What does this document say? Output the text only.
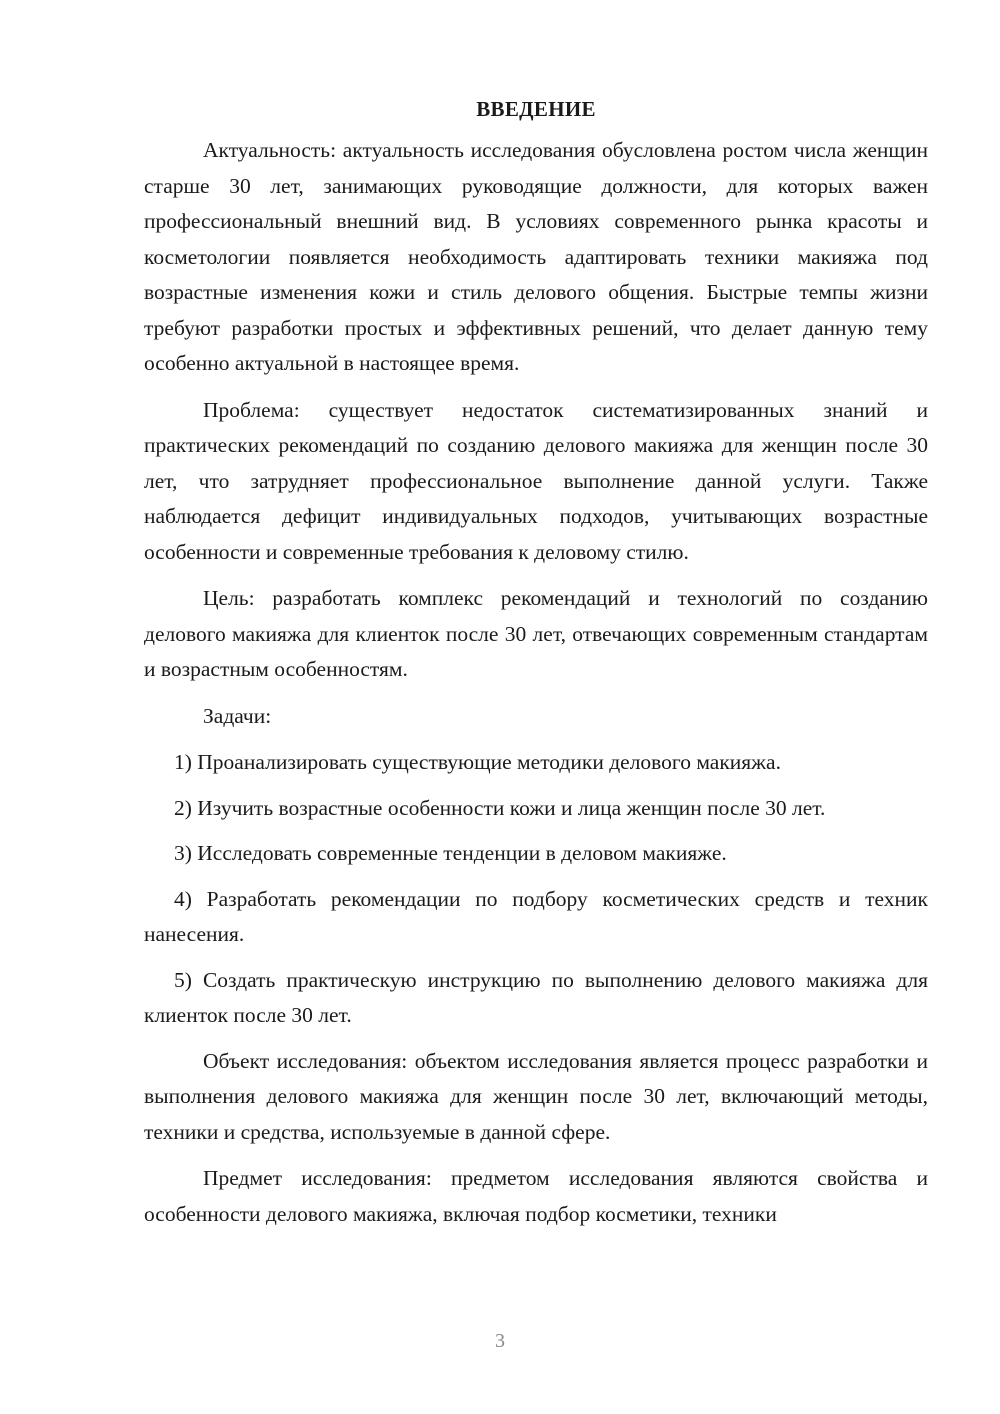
ВВЕДЕНИЕ

Актуальность: актуальность исследования обусловлена ростом числа женщин старше 30 лет, занимающих руководящие должности, для которых важен профессиональный внешний вид. В условиях современного рынка красоты и косметологии появляется необходимость адаптировать техники макияжа под возрастные изменения кожи и стиль делового общения. Быстрые темпы жизни требуют разработки простых и эффективных решений, что делает данную тему особенно актуальной в настоящее время.

Проблема: существует недостаток систематизированных знаний и практических рекомендаций по созданию делового макияжа для женщин после 30 лет, что затрудняет профессиональное выполнение данной услуги. Также наблюдается дефицит индивидуальных подходов, учитывающих возрастные особенности и современные требования к деловому стилю.

Цель: разработать комплекс рекомендаций и технологий по созданию делового макияжа для клиенток после 30 лет, отвечающих современным стандартам и возрастным особенностям.

Задачи:

1) Проанализировать существующие методики делового макияжа.

2) Изучить возрастные особенности кожи и лица женщин после 30 лет.

3) Исследовать современные тенденции в деловом макияже.

4) Разработать рекомендации по подбору косметических средств и техник нанесения.

5) Создать практическую инструкцию по выполнению делового макияжа для клиенток после 30 лет.

Объект исследования: объектом исследования является процесс разработки и выполнения делового макияжа для женщин после 30 лет, включающий методы, техники и средства, используемые в данной сфере.

Предмет исследования: предметом исследования являются свойства и особенности делового макияжа, включая подбор косметики, техники

3
